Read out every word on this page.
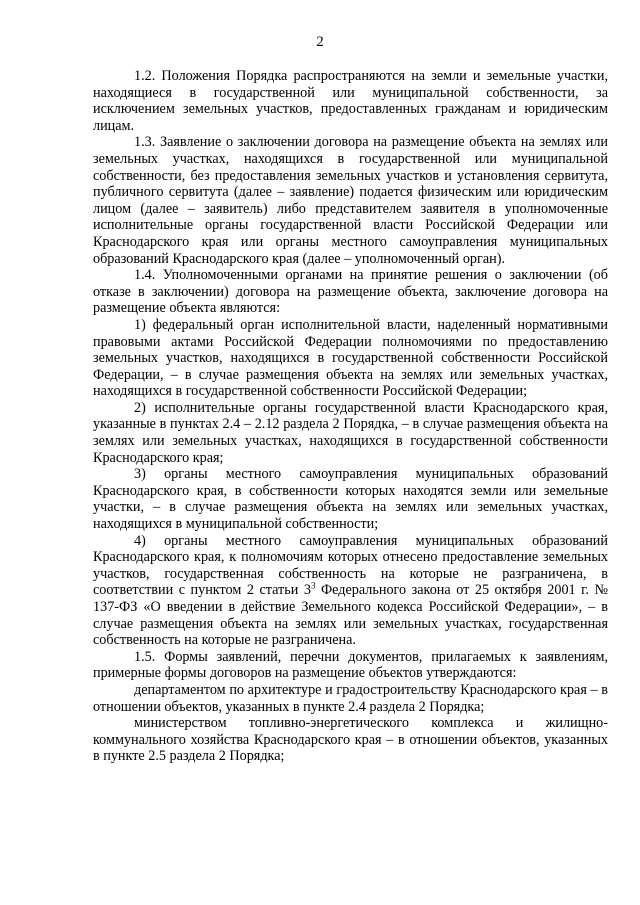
2

1.2. Положения Порядка распространяются на земли и земельные участки, находящиеся в государственной или муниципальной собственности, за исключением земельных участков, предоставленных гражданам и юридическим лицам.

1.3. Заявление о заключении договора на размещение объекта на землях или земельных участках, находящихся в государственной или муниципальной собственности, без предоставления земельных участков и установления сервитута, публичного сервитута (далее – заявление) подается физическим или юридическим лицом (далее – заявитель) либо представителем заявителя в уполномоченные исполнительные органы государственной власти Российской Федерации или Краснодарского края или органы местного самоуправления муниципальных образований Краснодарского края (далее – уполномоченный орган).

1.4. Уполномоченными органами на принятие решения о заключении (об отказе в заключении) договора на размещение объекта, заключение договора на размещение объекта являются:

1) федеральный орган исполнительной власти, наделенный нормативными правовыми актами Российской Федерации полномочиями по предоставлению земельных участков, находящихся в государственной собственности Российской Федерации, – в случае размещения объекта на землях или земельных участках, находящихся в государственной собственности Российской Федерации;

2) исполнительные органы государственной власти Краснодарского края, указанные в пунктах 2.4 – 2.12 раздела 2 Порядка, – в случае размещения объекта на землях или земельных участках, находящихся в государственной собственности Краснодарского края;

3) органы местного самоуправления муниципальных образований Краснодарского края, в собственности которых находятся земли или земельные участки, – в случае размещения объекта на землях или земельных участках, находящихся в муниципальной собственности;

4) органы местного самоуправления муниципальных образований Краснодарского края, к полномочиям которых отнесено предоставление земельных участков, государственная собственность на которые не разграничена, в соответствии с пунктом 2 статьи $3^3$ Федерального закона от 25 октября 2001 г. № 137-ФЗ «О введении в действие Земельного кодекса Российской Федерации», – в случае размещения объекта на землях или земельных участках, государственная собственность на которые не разграничена.

1.5. Формы заявлений, перечни документов, прилагаемых к заявлениям, примерные формы договоров на размещение объектов утверждаются:

департаментом по архитектуре и градостроительству Краснодарского края – в отношении объектов, указанных в пункте 2.4 раздела 2 Порядка;

министерством топливно-энергетического комплекса и жилищно-коммунального хозяйства Краснодарского края – в отношении объектов, указанных в пункте 2.5 раздела 2 Порядка;
